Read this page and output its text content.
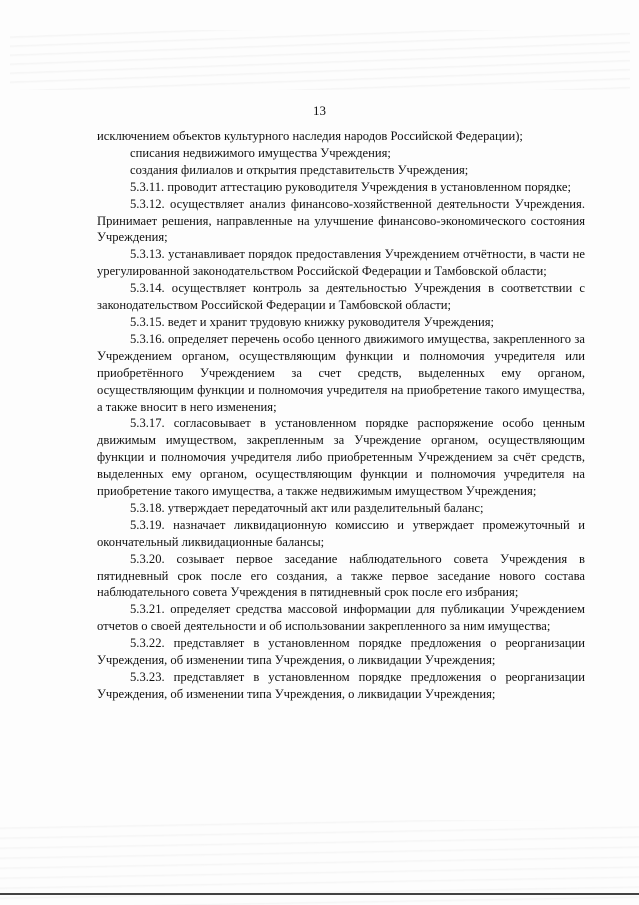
13

исключением объектов культурного наследия народов Российской Федерации);

списания недвижимого имущества Учреждения;

создания филиалов и открытия представительств Учреждения;

5.3.11. проводит аттестацию руководителя Учреждения в установленном порядке;

5.3.12. осуществляет анализ финансово-хозяйственной деятельности Учреждения. Принимает решения, направленные на улучшение финансово-экономического состояния Учреждения;

5.3.13. устанавливает порядок предоставления Учреждением отчётности, в части не урегулированной законодательством Российской Федерации и Тамбовской области;

5.3.14. осуществляет контроль за деятельностью Учреждения в соответствии с законодательством Российской Федерации и Тамбовской области;

5.3.15. ведет и хранит трудовую книжку руководителя Учреждения;

5.3.16. определяет перечень особо ценного движимого имущества, закрепленного за Учреждением органом, осуществляющим функции и полномочия учредителя или приобретённого Учреждением за счет средств, выделенных ему органом, осуществляющим функции и полномочия учредителя на приобретение такого имущества, а также вносит в него изменения;

5.3.17. согласовывает в установленном порядке распоряжение особо ценным движимым имуществом, закрепленным за Учреждение органом, осуществляющим функции и полномочия учредителя либо приобретенным Учреждением за счёт средств, выделенных ему органом, осуществляющим функции и полномочия учредителя на приобретение такого имущества, а также недвижимым имуществом Учреждения;

5.3.18. утверждает передаточный акт или разделительный баланс;

5.3.19. назначает ликвидационную комиссию и утверждает промежуточный и окончательный ликвидационные балансы;

5.3.20. созывает первое заседание наблюдательного совета Учреждения в пятидневный срок после его создания, а также первое заседание нового состава наблюдательного совета Учреждения в пятидневный срок после его избрания;

5.3.21. определяет средства массовой информации для публикации Учреждением отчетов о своей деятельности и об использовании закрепленного за ним имущества;

5.3.22. представляет в установленном порядке предложения о реорганизации Учреждения, об изменении типа Учреждения, о ликвидации Учреждения;

5.3.23. представляет в установленном порядке предложения о реорганизации Учреждения, об изменении типа Учреждения, о ликвидации Учреждения;
